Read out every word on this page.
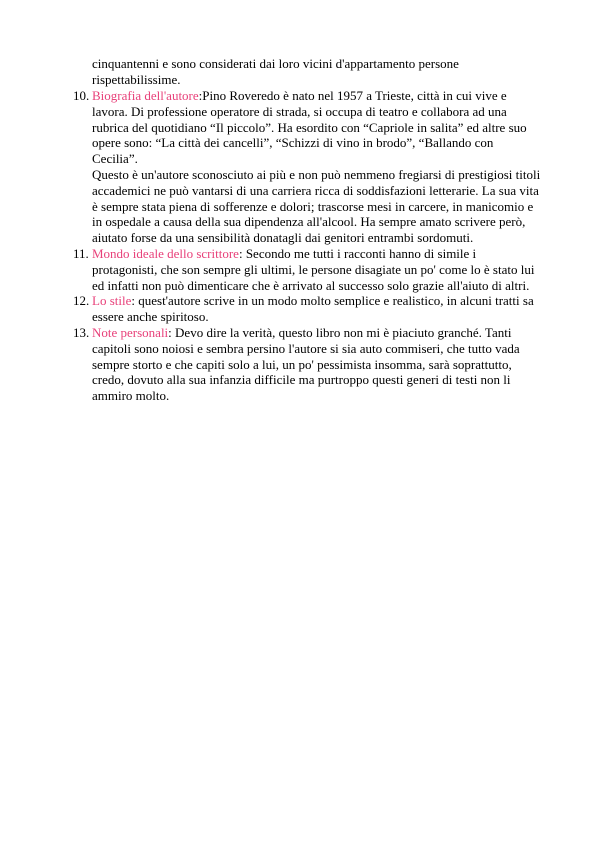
cinquantenni e sono considerati dai loro vicini d'appartamento persone rispettabilissime.

10. Biografia dell'autore:Pino Roveredo è nato nel 1957 a Trieste, città in cui vive e lavora. Di professione operatore di strada, si occupa di teatro e collabora ad una rubrica del quotidiano “Il piccolo”. Ha esordito con “Capriole in salita” ed altre suo opere sono: “La città dei cancelli”, “Schizzi di vino in brodo”, “Ballando con Cecilia”.

Questo è un'autore sconosciuto ai più e non può nemmeno fregiarsi di prestigiosi titoli accademici ne può vantarsi di una carriera ricca di soddisfazioni letterarie. La sua vita è sempre stata piena di sofferenze e dolori; trascorse mesi in carcere, in manicomio e in ospedale a causa della sua dipendenza all'alcool. Ha sempre amato scrivere però, aiutato forse da una sensibilità donatagli dai genitori entrambi sordomuti.

11. Mondo ideale dello scrittore: Secondo me tutti i racconti hanno di simile i protagonisti, che son sempre gli ultimi, le persone disagiate un po' come lo è stato lui ed infatti non può dimenticare che è arrivato al successo solo grazie all'aiuto di altri.

12. Lo stile: quest'autore scrive in un modo molto semplice e realistico, in alcuni tratti sa essere anche spiritoso.

13. Note personali: Devo dire la verità, questo libro non mi è piaciuto granché. Tanti capitoli sono noiosi e sembra persino l'autore si sia auto commiseri, che tutto vada sempre storto e che capiti solo a lui, un po' pessimista insomma, sarà soprattutto, credo, dovuto alla sua infanzia difficile ma purtroppo questi generi di testi non li ammiro molto.
